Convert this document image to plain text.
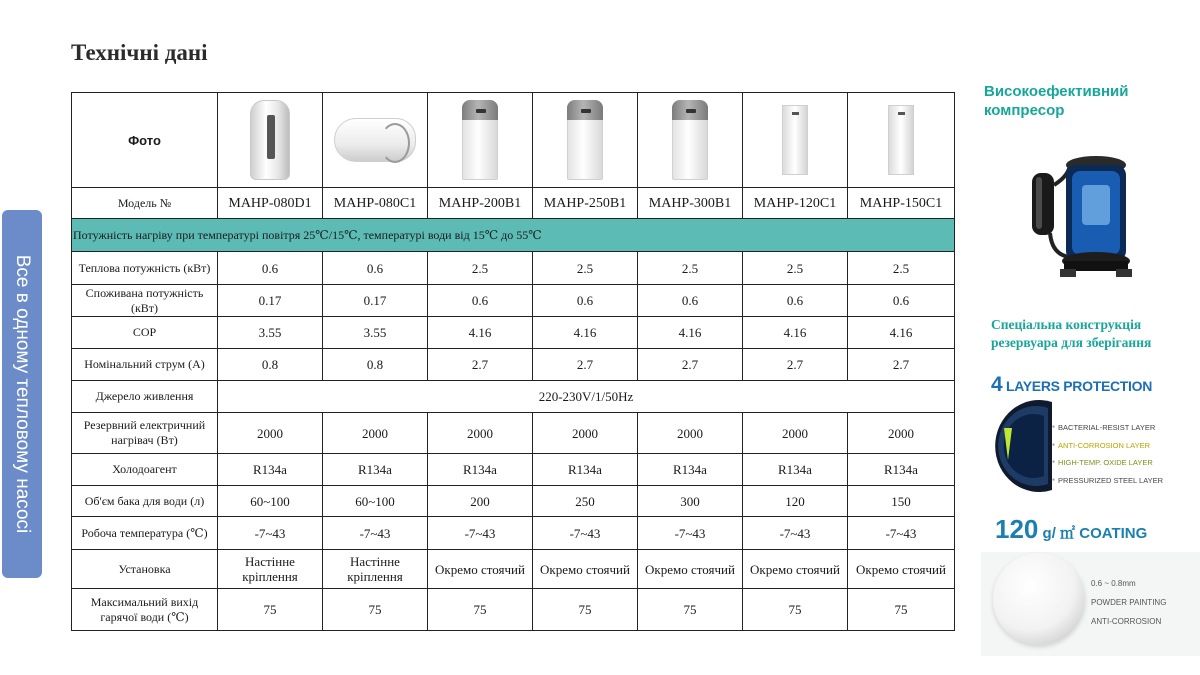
Технічні дані
Все в одному тепловому насосі
Фото	

Модель №	MAHP-080D1	MAHP-080C1	MAHP-200B1	MAHP-250B1	MAHP-300B1	MAHP-120C1	MAHP-150C1
Потужність нагріву при температурі повітря 25℃/15℃, температурі води від 15℃ до 55℃							
Теплова потужність (кВт)	0.6	0.6	2.5	2.5	2.5	2.5	2.5
Споживана потужність (кВт)	0.17	0.17	0.6	0.6	0.6	0.6	0.6
COP	3.55	3.55	4.16	4.16	4.16	4.16	4.16
Номінальний струм (А)	0.8	0.8	2.7	2.7	2.7	2.7	2.7
Джерело живлення	220-230V/1/50Hz						
Резервний електричний нагрівач (Вт)	2000	2000	2000	2000	2000	2000	2000
Холодоагент	R134a	R134a	R134a	R134a	R134a	R134a	R134a
Об'єм бака для води (л)	60~100	60~100	200	250	300	120	150
Робоча температура (℃)	-7~43	-7~43	-7~43	-7~43	-7~43	-7~43	-7~43
Установка	Настінне кріплення	Настінне кріплення	Окремо стоячий	Окремо стоячий	Окремо стоячий	Окремо стоячий	Окремо стоячий
Максимальний вихід гарячої води (℃)	75	75	75	75	75	75	75
Високоефективний компресор
Спеціальна конструкція резервуара для зберігання
4 LAYERS PROTECTION
● BACTERIAL-RESIST LAYER
● ANTI-CORROSION LAYER
● HIGH-TEMP. OXIDE LAYER
● PRESSURIZED STEEL LAYER
120 g/ ㎡ COATING
0.6 ~ 0.8mm
POWDER PAINTING
ANTI-CORROSION
